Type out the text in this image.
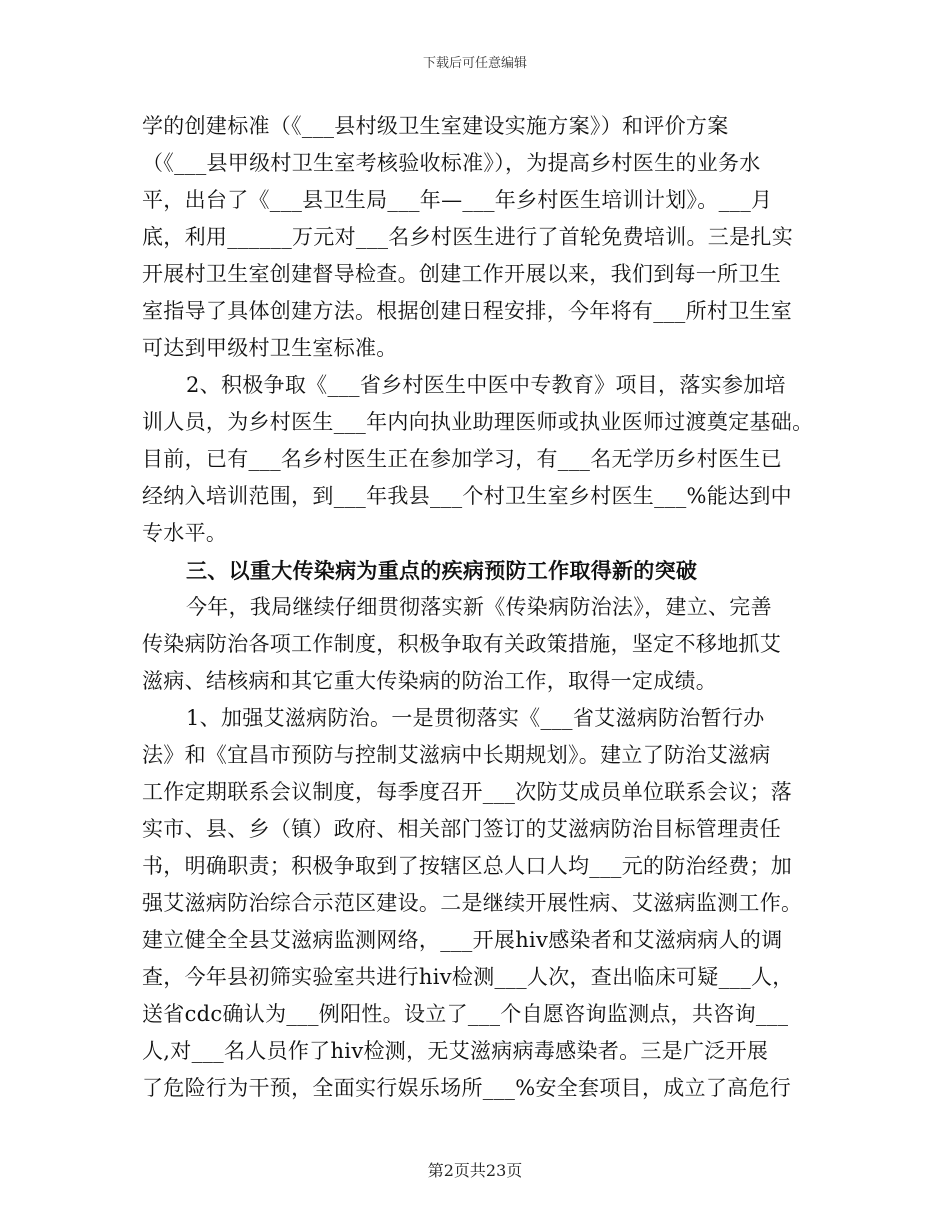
下载后可任意编辑
学的创建标准（《___县村级卫生室建设实施方案》）和评价方案
（《___县甲级村卫生室考核验收标准》），为提高乡村医生的业务水
平，出台了《___县卫生局___年—___年乡村医生培训计划》。___月
底，利用______万元对___名乡村医生进行了首轮免费培训。三是扎实
开展村卫生室创建督导检查。创建工作开展以来，我们到每一所卫生
室指导了具体创建方法。根据创建日程安排，今年将有___所村卫生室
可达到甲级村卫生室标准。
2、积极争取《___省乡村医生中医中专教育》项目，落实参加培
训人员，为乡村医生___年内向执业助理医师或执业医师过渡奠定基础。
目前，已有___名乡村医生正在参加学习，有___名无学历乡村医生已
经纳入培训范围，到___年我县___个村卫生室乡村医生___%能达到中
专水平。
三、以重大传染病为重点的疾病预防工作取得新的突破
今年，我局继续仔细贯彻落实新《传染病防治法》，建立、完善
传染病防治各项工作制度，积极争取有关政策措施，坚定不移地抓艾
滋病、结核病和其它重大传染病的防治工作，取得一定成绩。
1、加强艾滋病防治。一是贯彻落实《___省艾滋病防治暂行办
法》和《宜昌市预防与控制艾滋病中长期规划》。建立了防治艾滋病
工作定期联系会议制度，每季度召开___次防艾成员单位联系会议；落
实市、县、乡（镇）政府、相关部门签订的艾滋病防治目标管理责任
书，明确职责；积极争取到了按辖区总人口人均___元的防治经费；加
强艾滋病防治综合示范区建设。二是继续开展性病、艾滋病监测工作。
建立健全全县艾滋病监测网络，___开展hiv感染者和艾滋病病人的调
查，今年县初筛实验室共进行hiv检测___人次，查出临床可疑___人，
送省cdc确认为___例阳性。设立了___个自愿咨询监测点，共咨询___
人,对___名人员作了hiv检测，无艾滋病病毒感染者。三是广泛开展
了危险行为干预，全面实行娱乐场所___%安全套项目，成立了高危行
第2页共23页
